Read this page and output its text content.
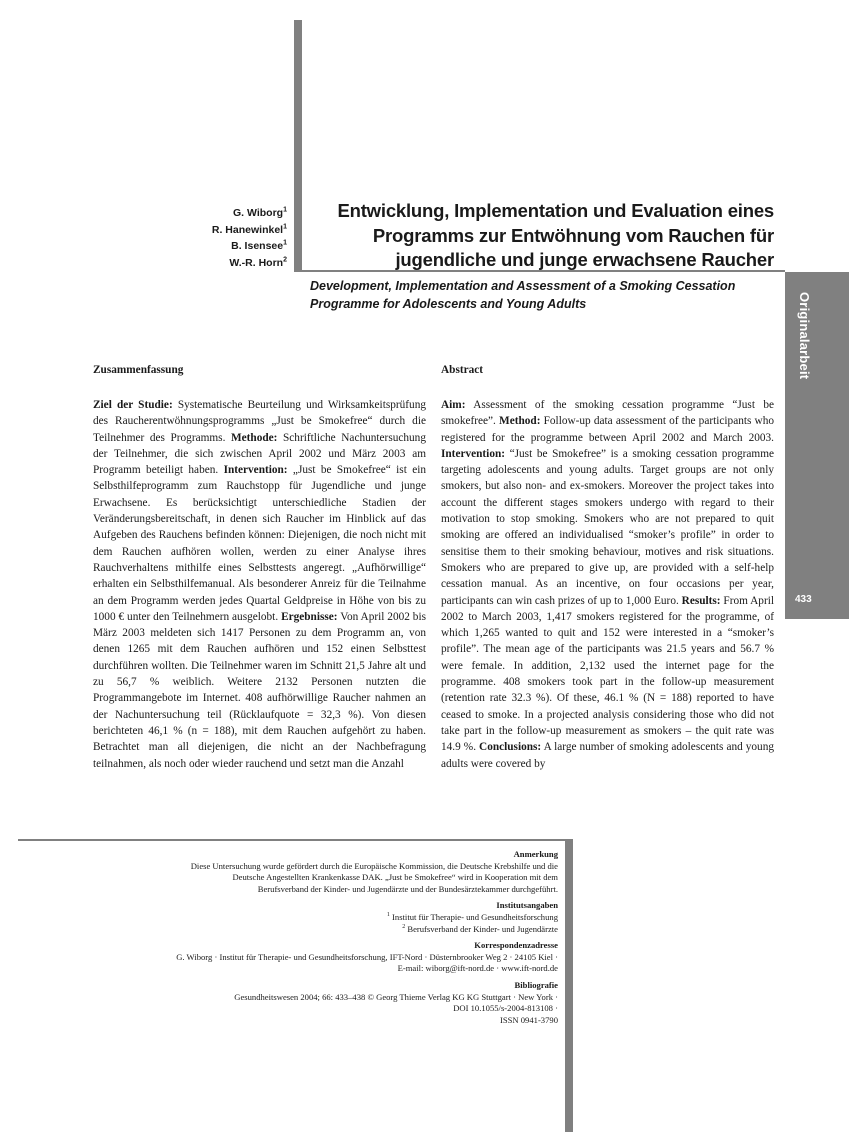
Originalarbeit
433
G. Wiborg$^1$
R. Hanewinkel$^1$
B. Isensee$^1$
W.-R. Horn$^2$
Entwicklung, Implementation und Evaluation eines
Programms zur Entwöhnung vom Rauchen für
jugendliche und junge erwachsene Raucher
Development, Implementation and Assessment of a Smoking Cessation
Programme for Adolescents and Young Adults
Zusammenfassung	Abstract
Ziel der Studie: Systematische Beurteilung und Wirksamkeitsprüfung des Raucherentwöhnungsprogramms „Just be Smokefree“ durch die Teilnehmer des Programms. Methode: Schriftliche Nachuntersuchung der Teilnehmer, die sich zwischen April 2002 und März 2003 am Programm beteiligt haben. Intervention: „Just be Smokefree“ ist ein Selbsthilfeprogramm zum Rauchstopp für Jugendliche und junge Erwachsene. Es berücksichtigt unterschiedliche Stadien der Veränderungsbereitschaft, in denen sich Raucher im Hinblick auf das Aufgeben des Rauchens befinden können: Diejenigen, die noch nicht mit dem Rauchen aufhören wollen, werden zu einer Analyse ihres Rauchverhaltens mithilfe eines Selbsttests angeregt. „Aufhörwillige“ erhalten ein Selbsthilfemanual. Als besonderer Anreiz für die Teilnahme an dem Programm werden jedes Quartal Geldpreise in Höhe von bis zu 1000 € unter den Teilnehmern ausgelobt. Ergebnisse: Von April 2002 bis März 2003 meldeten sich 1417 Personen zu dem Programm an, von denen 1265 mit dem Rauchen aufhören und 152 einen Selbsttest durchführen wollten. Die Teilnehmer waren im Schnitt 21,5 Jahre alt und zu 56,7 % weiblich. Weitere 2132 Personen nutzten die Programmangebote im Internet. 408 aufhörwillige Raucher nahmen an der Nachuntersuchung teil (Rücklaufquote = 32,3 %). Von diesen berichteten 46,1 % (n = 188), mit dem Rauchen aufgehört zu haben. Betrachtet man all diejenigen, die nicht an der Nachbefragung teilnahmen, als noch oder wieder rauchend und setzt man die Anzahl
Aim: Assessment of the smoking cessation programme “Just be smokefree”. Method: Follow-up data assessment of the participants who registered for the programme between April 2002 and March 2003. Intervention: “Just be Smokefree” is a smoking cessation programme targeting adolescents and young adults. Target groups are not only smokers, but also non- and ex-smokers. Moreover the project takes into account the different stages smokers undergo with regard to their motivation to stop smoking. Smokers who are not prepared to quit smoking are offered an individualised “smoker’s profile” in order to sensitise them to their smoking behaviour, motives and risk situations. Smokers who are prepared to give up, are provided with a self-help cessation manual. As an incentive, on four occasions per year, participants can win cash prizes of up to 1,000 Euro. Results: From April 2002 to March 2003, 1,417 smokers registered for the programme, of which 1,265 wanted to quit and 152 were interested in a “smoker’s profile”. The mean age of the participants was 21.5 years and 56.7 % were female. In addition, 2,132 used the internet page for the programme. 408 smokers took part in the follow-up measurement (retention rate 32.3 %). Of these, 46.1 % (N = 188) reported to have ceased to smoke. In a projected analysis considering those who did not take part in the follow-up measurement as smokers – the quit rate was 14.9 %. Conclusions: A large number of smoking adolescents and young adults were covered by
Anmerkung
Diese Untersuchung wurde gefördert durch die Europäische Kommission, die Deutsche Krebshilfe und die
Deutsche Angestellten Krankenkasse DAK. „Just be Smokefree“ wird in Kooperation mit dem
Berufsverband der Kinder- und Jugendärzte und der Bundesärztekammer durchgeführt.
Institutsangaben
$^1$ Institut für Therapie- und Gesundheitsforschung
$^2$ Berufsverband der Kinder- und Jugendärzte
Korrespondenzadresse
G. Wiborg · Institut für Therapie- und Gesundheitsforschung, IFT-Nord · Düsternbrooker Weg 2 · 24105 Kiel ·
E-mail: wiborg@ift-nord.de · www.ift-nord.de
Bibliografie
Gesundheitswesen 2004; 66: 433–438 © Georg Thieme Verlag KG KG Stuttgart · New York ·
DOI 10.1055/s-2004-813108 ·
ISSN 0941-3790
